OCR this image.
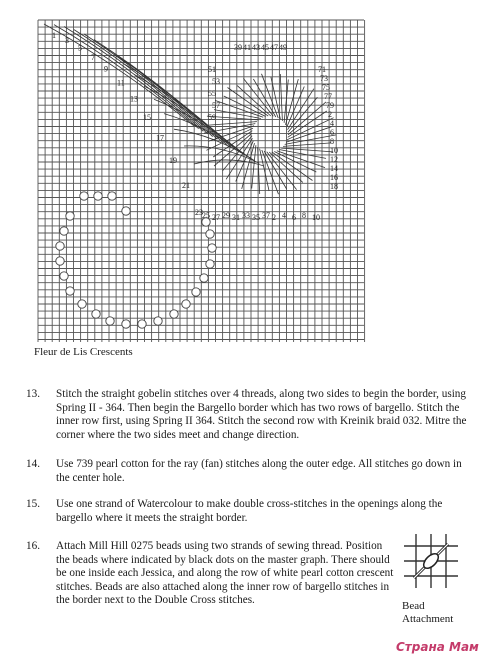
1
3
5
7
9
11
13
15
17
19
21
23
39 41 43 45 47 49
51
53
55
57
59
71
73
75
77
79
2
4
6
8
10
12
14
16
18
25 27 29 31 33 35 37 2 4 6 8 10
Fleur de Lis Crescents
13.	Stitch the straight gobelin stitches over 4 threads, along two sides to begin the border, using Spring II - 364. Then begin the Bargello border which has two rows of bargello. Stitch the inner row first, using Spring II 364. Stitch the second row with Kreinik braid 032. Mitre the corner where the two sides meet and change direction.
14.	Use 739 pearl cotton for the ray (fan) stitches along the outer edge. All stitches go down in the center hole.
15.	Use one strand of Watercolour to make double cross-stitches in the openings along the bargello where it meets the straight border.
16.	Attach Mill Hill 0275 beads using two strands of sewing thread. Position the beads where indicated by black dots on the master graph. There should be one inside each Jessica, and along the row of white pearl cotton crescent stitches. Beads are also attached along the inner row of bargello stitches in the border next to the Double Cross stitches.	Bead
Attachment
Страна Мам
